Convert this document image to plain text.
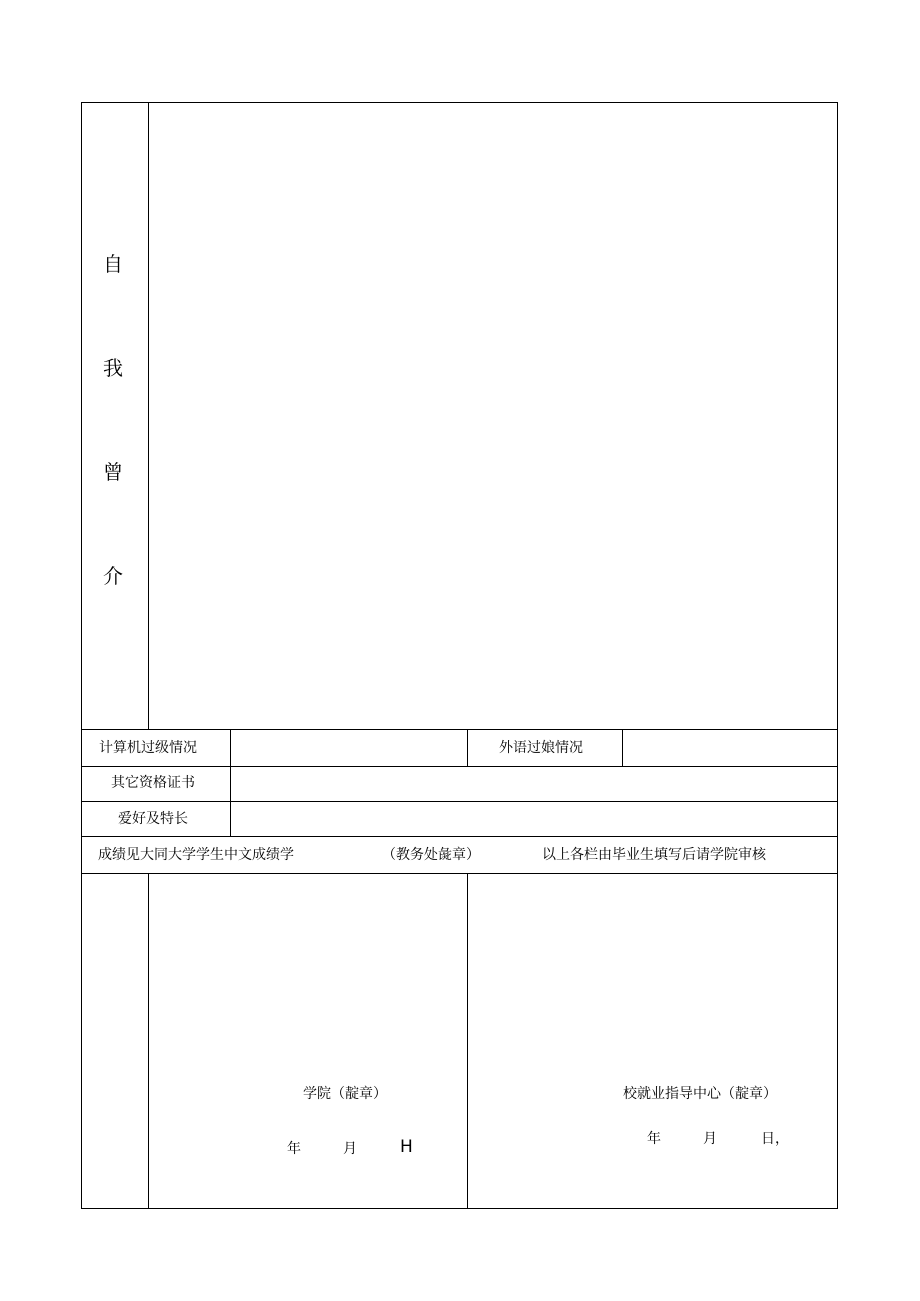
自
我
曾
介
计算机过级情况	外语过娘情况
其它资格证书
爱好及特长
成绩见大同大学学生中文成绩学	（教务处彘章）	以上各栏由毕业生填写后请学院审核
学院（靛章）
年	月	H
校就业指导中心（靛章）
年	月	日，
